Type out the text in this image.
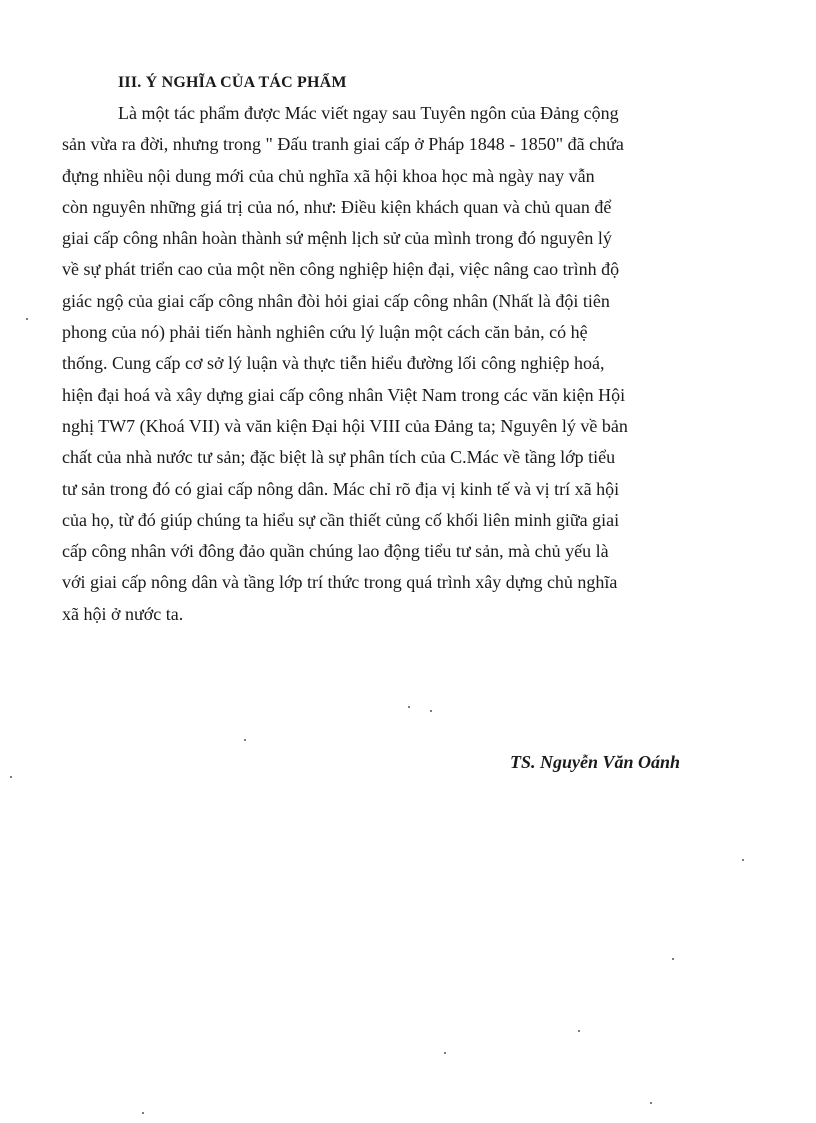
III. Ý NGHĨA CỦA TÁC PHẨM
Là một tác phẩm được Mác viết ngay sau Tuyên ngôn của Đảng cộng
sản vừa ra đời, nhưng trong " Đấu tranh giai cấp ở Pháp 1848 - 1850" đã chứa
đựng nhiều nội dung mới của chủ nghĩa xã hội khoa học mà ngày nay vẫn
còn nguyên những giá trị của nó, như: Điều kiện khách quan và chủ quan để
giai cấp công nhân hoàn thành sứ mệnh lịch sử của mình trong đó nguyên lý
về sự phát triển cao của một nền công nghiệp hiện đại, việc nâng cao trình độ
giác ngộ của giai cấp công nhân đòi hỏi giai cấp công nhân (Nhất là đội tiên
phong của nó) phải tiến hành nghiên cứu lý luận một cách căn bản, có hệ
thống. Cung cấp cơ sở lý luận và thực tiễn hiểu đường lối công nghiệp hoá,
hiện đại hoá và xây dựng giai cấp công nhân Việt Nam trong các văn kiện Hội
nghị TW7 (Khoá VII) và văn kiện Đại hội VIII của Đảng ta; Nguyên lý về bản
chất của nhà nước tư sản; đặc biệt là sự phân tích của C.Mác về tầng lớp tiểu
tư sản trong đó có giai cấp nông dân. Mác chỉ rõ địa vị kinh tế và vị trí xã hội
của họ, từ đó giúp chúng ta hiểu sự cần thiết củng cố khối liên minh giữa giai
cấp công nhân với đông đảo quần chúng lao động tiểu tư sản, mà chủ yếu là
với giai cấp nông dân và tầng lớp trí thức trong quá trình xây dựng chủ nghĩa
xã hội ở nước ta.
TS. Nguyễn Văn Oánh
